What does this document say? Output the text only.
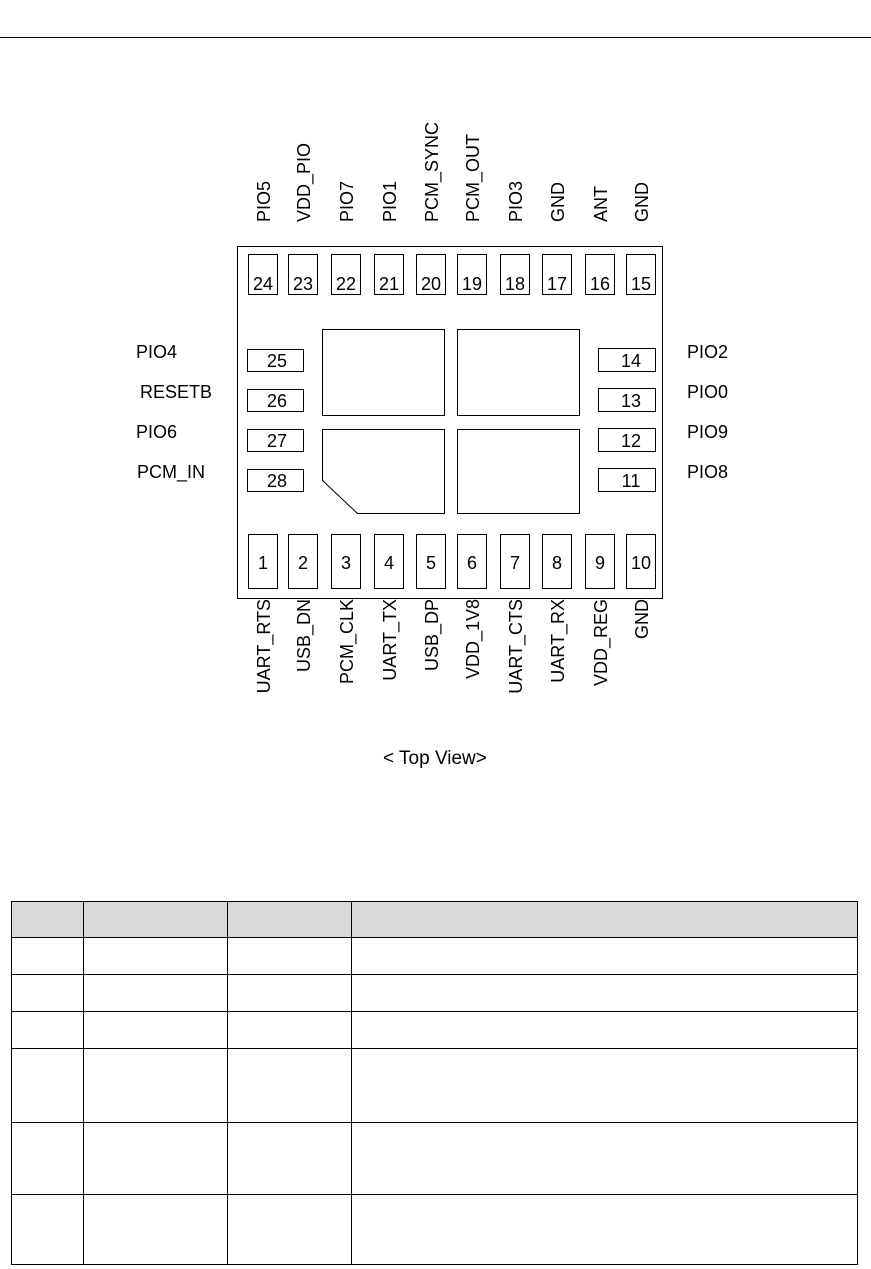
24
PIO5
23
VDD_PIO
22
PIO7
21
PIO1
20
PCM_SYNC
19
PCM_OUT
18
PIO3
17
GND
16
ANT
15
GND
1
UART_RTS
2
USB_DN
3
PCM_CLK
4
UART_TX
5
USB_DP
6
VDD_1V8
7
UART_CTS
8
UART_RX
9
VDD_REG
10
GND
25
PIO4
26
RESETB
27
PIO6
28
PCM_IN
14	PIO2
13	PIO0
12	PIO9
11	PIO8
< Top View>
